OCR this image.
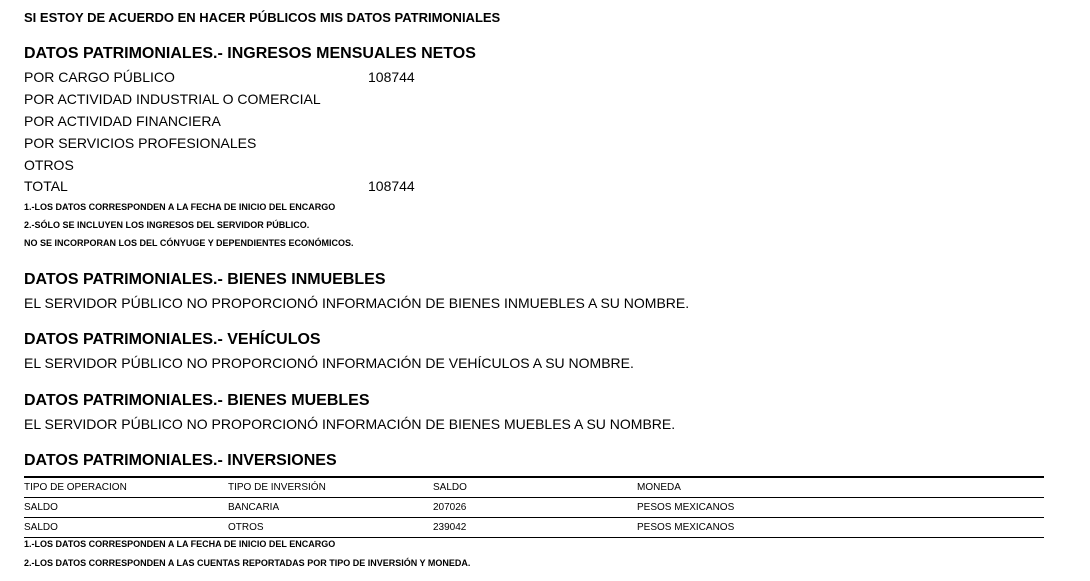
SI ESTOY DE ACUERDO EN HACER PÚBLICOS MIS DATOS PATRIMONIALES
DATOS PATRIMONIALES.- INGRESOS MENSUALES NETOS
POR CARGO PÚBLICO	108744
POR ACTIVIDAD INDUSTRIAL O COMERCIAL
POR ACTIVIDAD FINANCIERA
POR SERVICIOS PROFESIONALES
OTROS
TOTAL	108744
1.-LOS DATOS CORRESPONDEN A LA FECHA DE INICIO DEL ENCARGO
2.-SÓLO SE INCLUYEN LOS INGRESOS DEL SERVIDOR PÚBLICO.
NO SE INCORPORAN LOS DEL CÓNYUGE Y DEPENDIENTES ECONÓMICOS.
DATOS PATRIMONIALES.- BIENES INMUEBLES
EL SERVIDOR PÚBLICO NO PROPORCIONÓ INFORMACIÓN DE BIENES INMUEBLES A SU NOMBRE.
DATOS PATRIMONIALES.- VEHÍCULOS
EL SERVIDOR PÚBLICO NO PROPORCIONÓ INFORMACIÓN DE VEHÍCULOS A SU NOMBRE.
DATOS PATRIMONIALES.- BIENES MUEBLES
EL SERVIDOR PÚBLICO NO PROPORCIONÓ INFORMACIÓN DE BIENES MUEBLES A SU NOMBRE.
DATOS PATRIMONIALES.- INVERSIONES
TIPO DE OPERACION	TIPO DE INVERSIÓN	SALDO	MONEDA
SALDO	BANCARIA	207026	PESOS MEXICANOS
SALDO	OTROS	239042	PESOS MEXICANOS
1.-LOS DATOS CORRESPONDEN A LA FECHA DE INICIO DEL ENCARGO
2.-LOS DATOS CORRESPONDEN A LAS CUENTAS REPORTADAS POR TIPO DE INVERSIÓN Y MONEDA.
